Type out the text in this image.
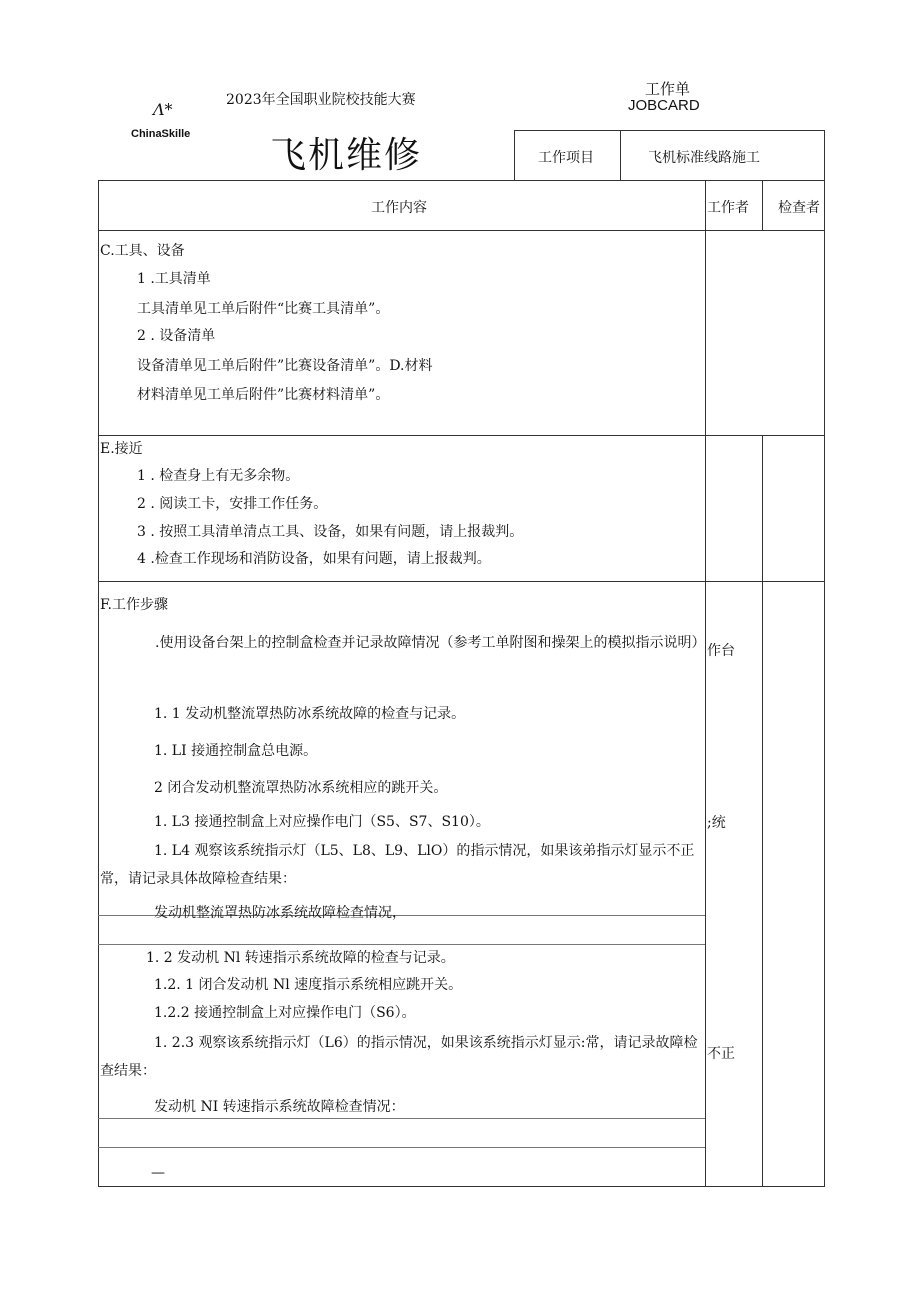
Λ*
ChinaSkille
2023年全国职业院校技能大赛
工作单
JOBCARD
飞机维修	工作项目	飞机标准线路施工
工作内容	工作者 检查者
C.工具、设备
1 .工具清单
工具清单见工单后附件“比赛工具清单”。
2 . 设备清单
设备清单见工单后附件”比赛设备清单”。D.材料
材料清单见工单后附件”比赛材料清单”。
E.接近
1 . 检查身上有无多余物。
2 . 阅读工卡，安排工作任务。
3 . 按照工具清单清点工具、设备，如果有问题，请上报裁判。
4 .检查工作现场和消防设备，如果有问题，请上报裁判。
F.工作步骤
.使用设备台架上的控制盒检查并记录故障情况（参考工单附图和操架上的模拟指示说明）
1. 1 发动机整流罩热防冰系统故障的检查与记录。
1. LI 接通控制盒总电源。
2 闭合发动机整流罩热防冰系统相应的跳开关。
1. L3 接通控制盒上对应操作电门（S5、S7、S10）。
1. L4 观察该系统指示灯（L5、L8、L9、LlO）的指示情况，如果该弟指示灯显示不正常，请记录具体故障检查结果：
发动机整流罩热防冰系统故障检查情况，
1. 2 发动机 Nl 转速指示系统故障的检查与记录。
1.2. 1 闭合发动机 Nl 速度指示系统相应跳开关。
1.2.2 接通控制盒上对应操作电门（S6）。
1. 2.3 观察该系统指示灯（L6）的指示情况，如果该系统指示灯显示:常，请记录故障检查结果：
发动机 NI 转速指示系统故障检查情况：
—
作台
;统
不正
